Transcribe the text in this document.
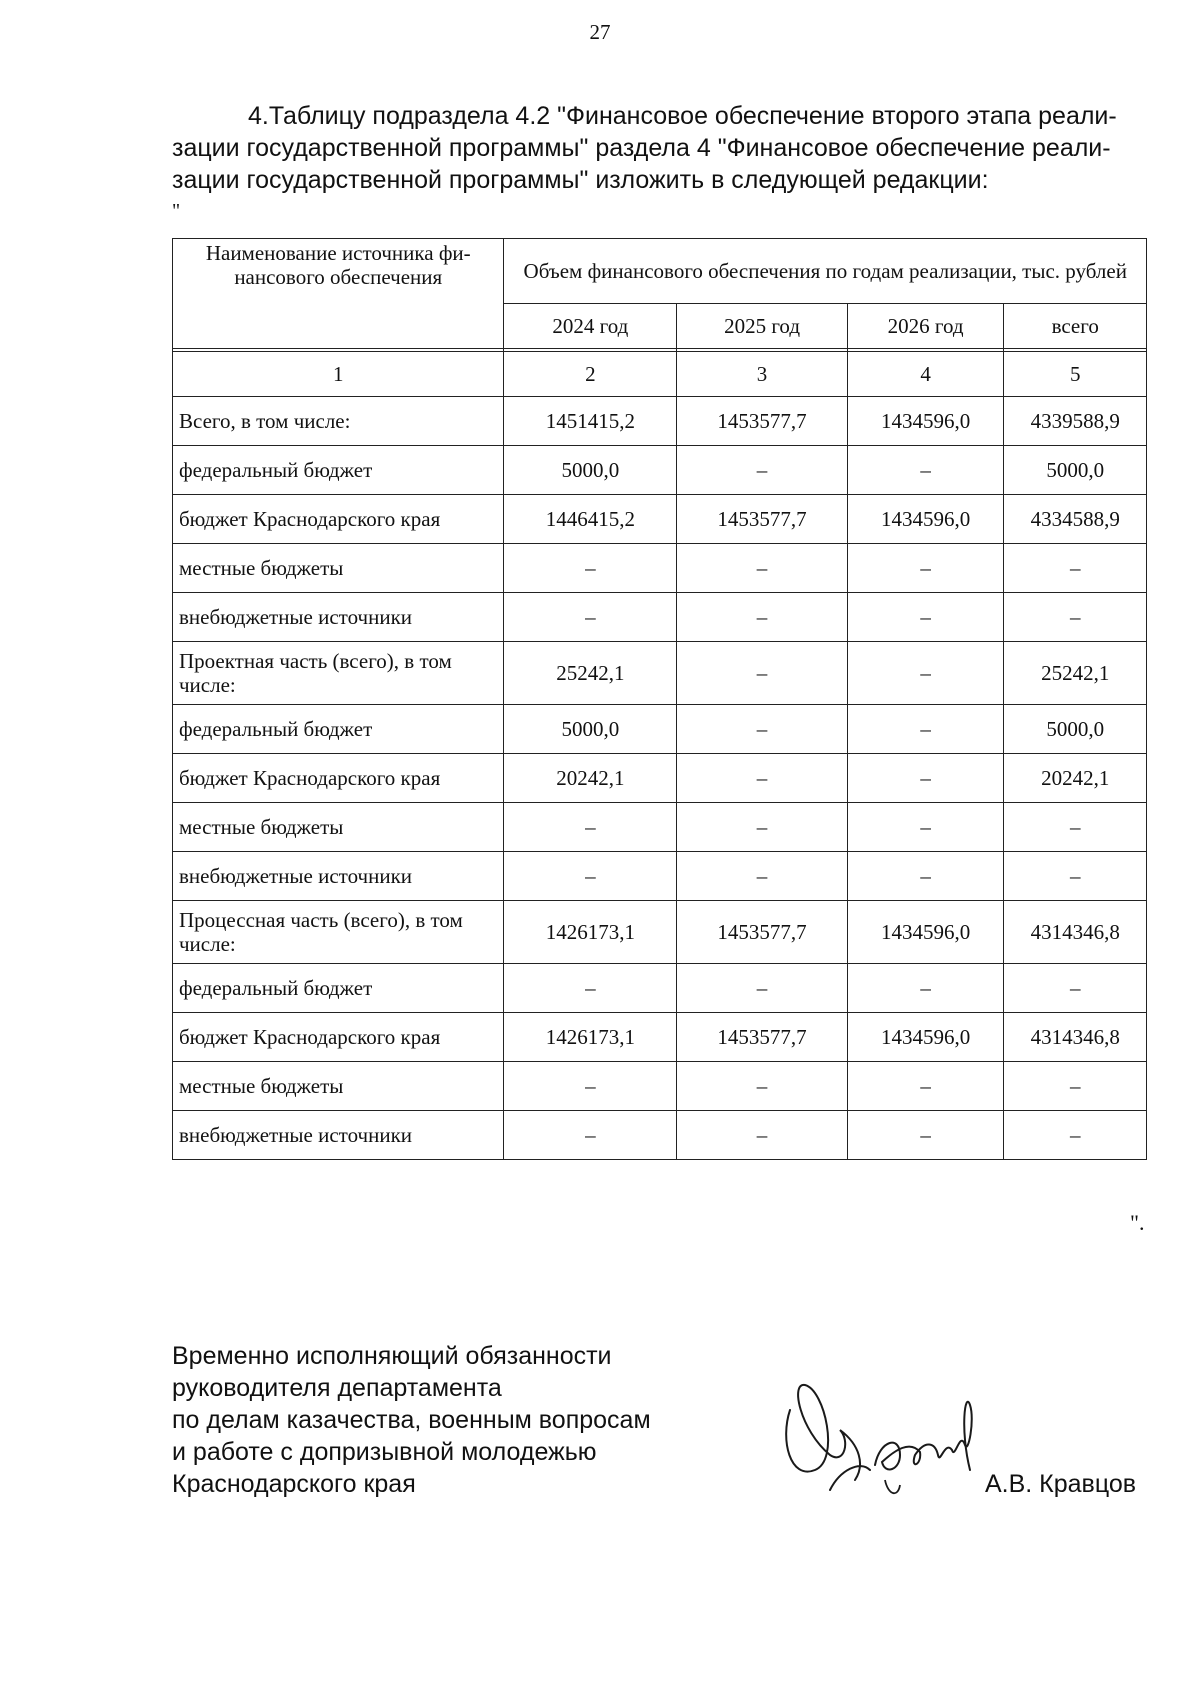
27
4.Таблицу подраздела 4.2 "Финансовое обеспечение второго этапа реали-
зации государственной программы" раздела 4 "Финансовое обеспечение реали-
зации государственной программы" изложить в следующей редакции:
"
Наименование источника фи-нансового обеспечения	Объем финансового обеспечения по годам реализации, тыс. рублей			
	2024 год	2025 год	2026 год	всего

1	2	3	4	5
Всего, в том числе:	1451415,2	1453577,7	1434596,0	4339588,9
федеральный бюджет	5000,0	–	–	5000,0
бюджет Краснодарского края	1446415,2	1453577,7	1434596,0	4334588,9
местные бюджеты	–	–	–	–
внебюджетные источники	–	–	–	–
Проектная часть (всего), в том числе:	25242,1	–	–	25242,1
федеральный бюджет	5000,0	–	–	5000,0
бюджет Краснодарского края	20242,1	–	–	20242,1
местные бюджеты	–	–	–	–
внебюджетные источники	–	–	–	–
Процессная часть (всего), в том числе:	1426173,1	1453577,7	1434596,0	4314346,8
федеральный бюджет	–	–	–	–
бюджет Краснодарского края	1426173,1	1453577,7	1434596,0	4314346,8
местные бюджеты	–	–	–	–
внебюджетные источники	–	–	–	–
".
Временно исполняющий обязанности
руководителя департамента
по делам казачества, военным вопросам
и работе с допризывной молодежью
Краснодарского края	А.В. Кравцов
